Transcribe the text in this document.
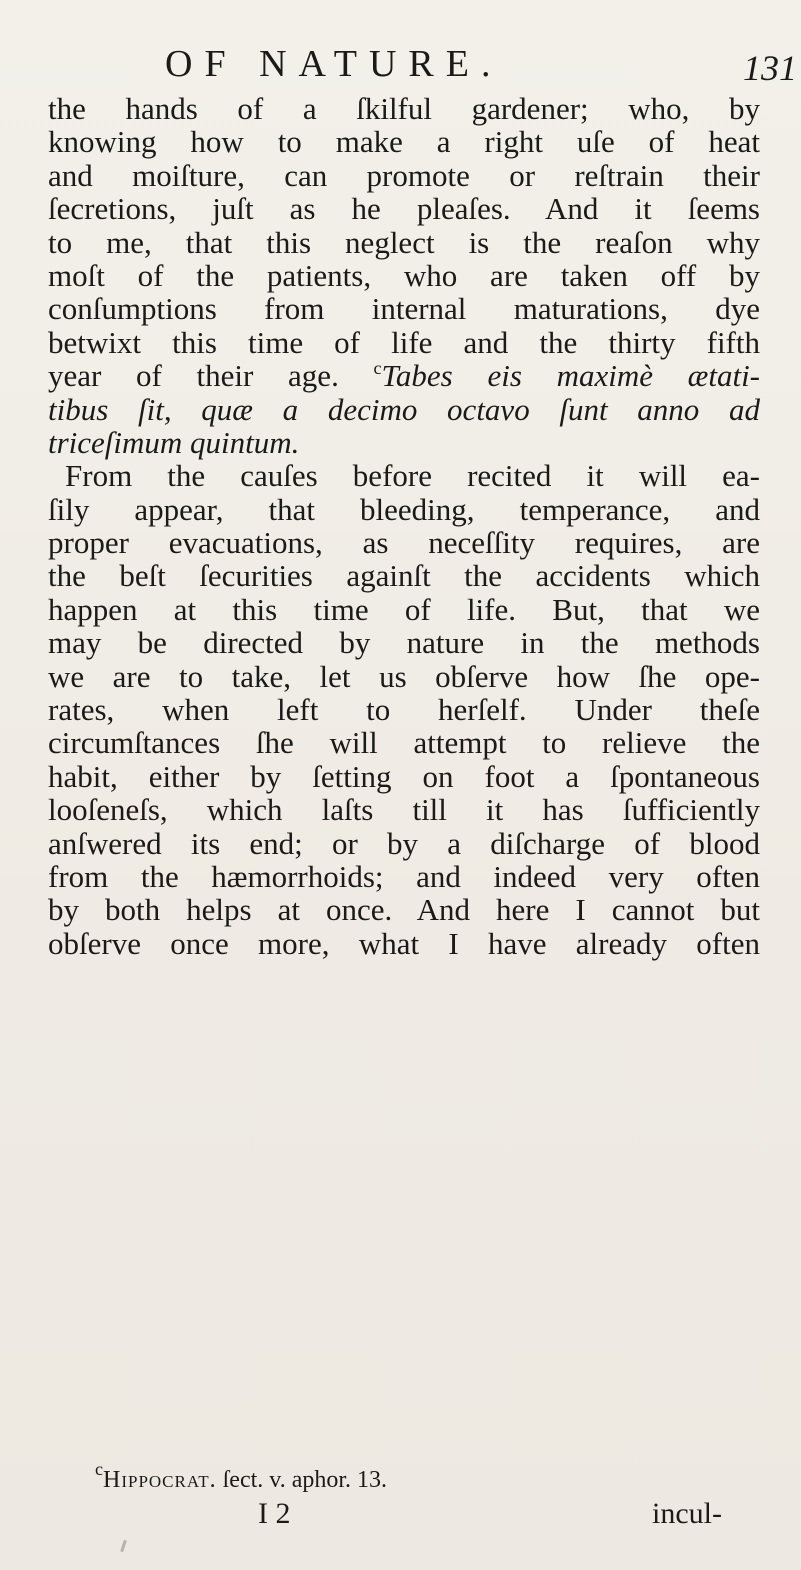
OF NATURE.	131
the hands of a ſkilful gardener; who, by
knowing how to make a right uſe of heat
and moiſture, can promote or reſtrain their
ſecretions, juſt as he pleaſes. And it ſeems
to me, that this neglect is the reaſon why
moſt of the patients, who are taken off by
conſumptions from internal maturations, dye
betwixt this time of life and the thirty fifth
year of their age. $^c$Tabes eis maximè ætati-
tibus ſit, quæ a decimo octavo ſunt anno ad
triceſimum quintum.
From the cauſes before recited it will ea-
ſily appear, that bleeding, temperance, and
proper evacuations, as neceſſity requires, are
the beſt ſecurities againſt the accidents which
happen at this time of life. But, that we
may be directed by nature in the methods
we are to take, let us obſerve how ſhe ope-
rates, when left to herſelf. Under theſe
circumſtances ſhe will attempt to relieve the
habit, either by ſetting on foot a ſpontaneous
looſeneſs, which laſts till it has ſufficiently
anſwered its end; or by a diſcharge of blood
from the hæmorrhoids; and indeed very often
by both helps at once. And here I cannot but
obſerve once more, what I have already often
$^c$Hippocrat. ſect. v. aphor. 13.
I 2	incul-
